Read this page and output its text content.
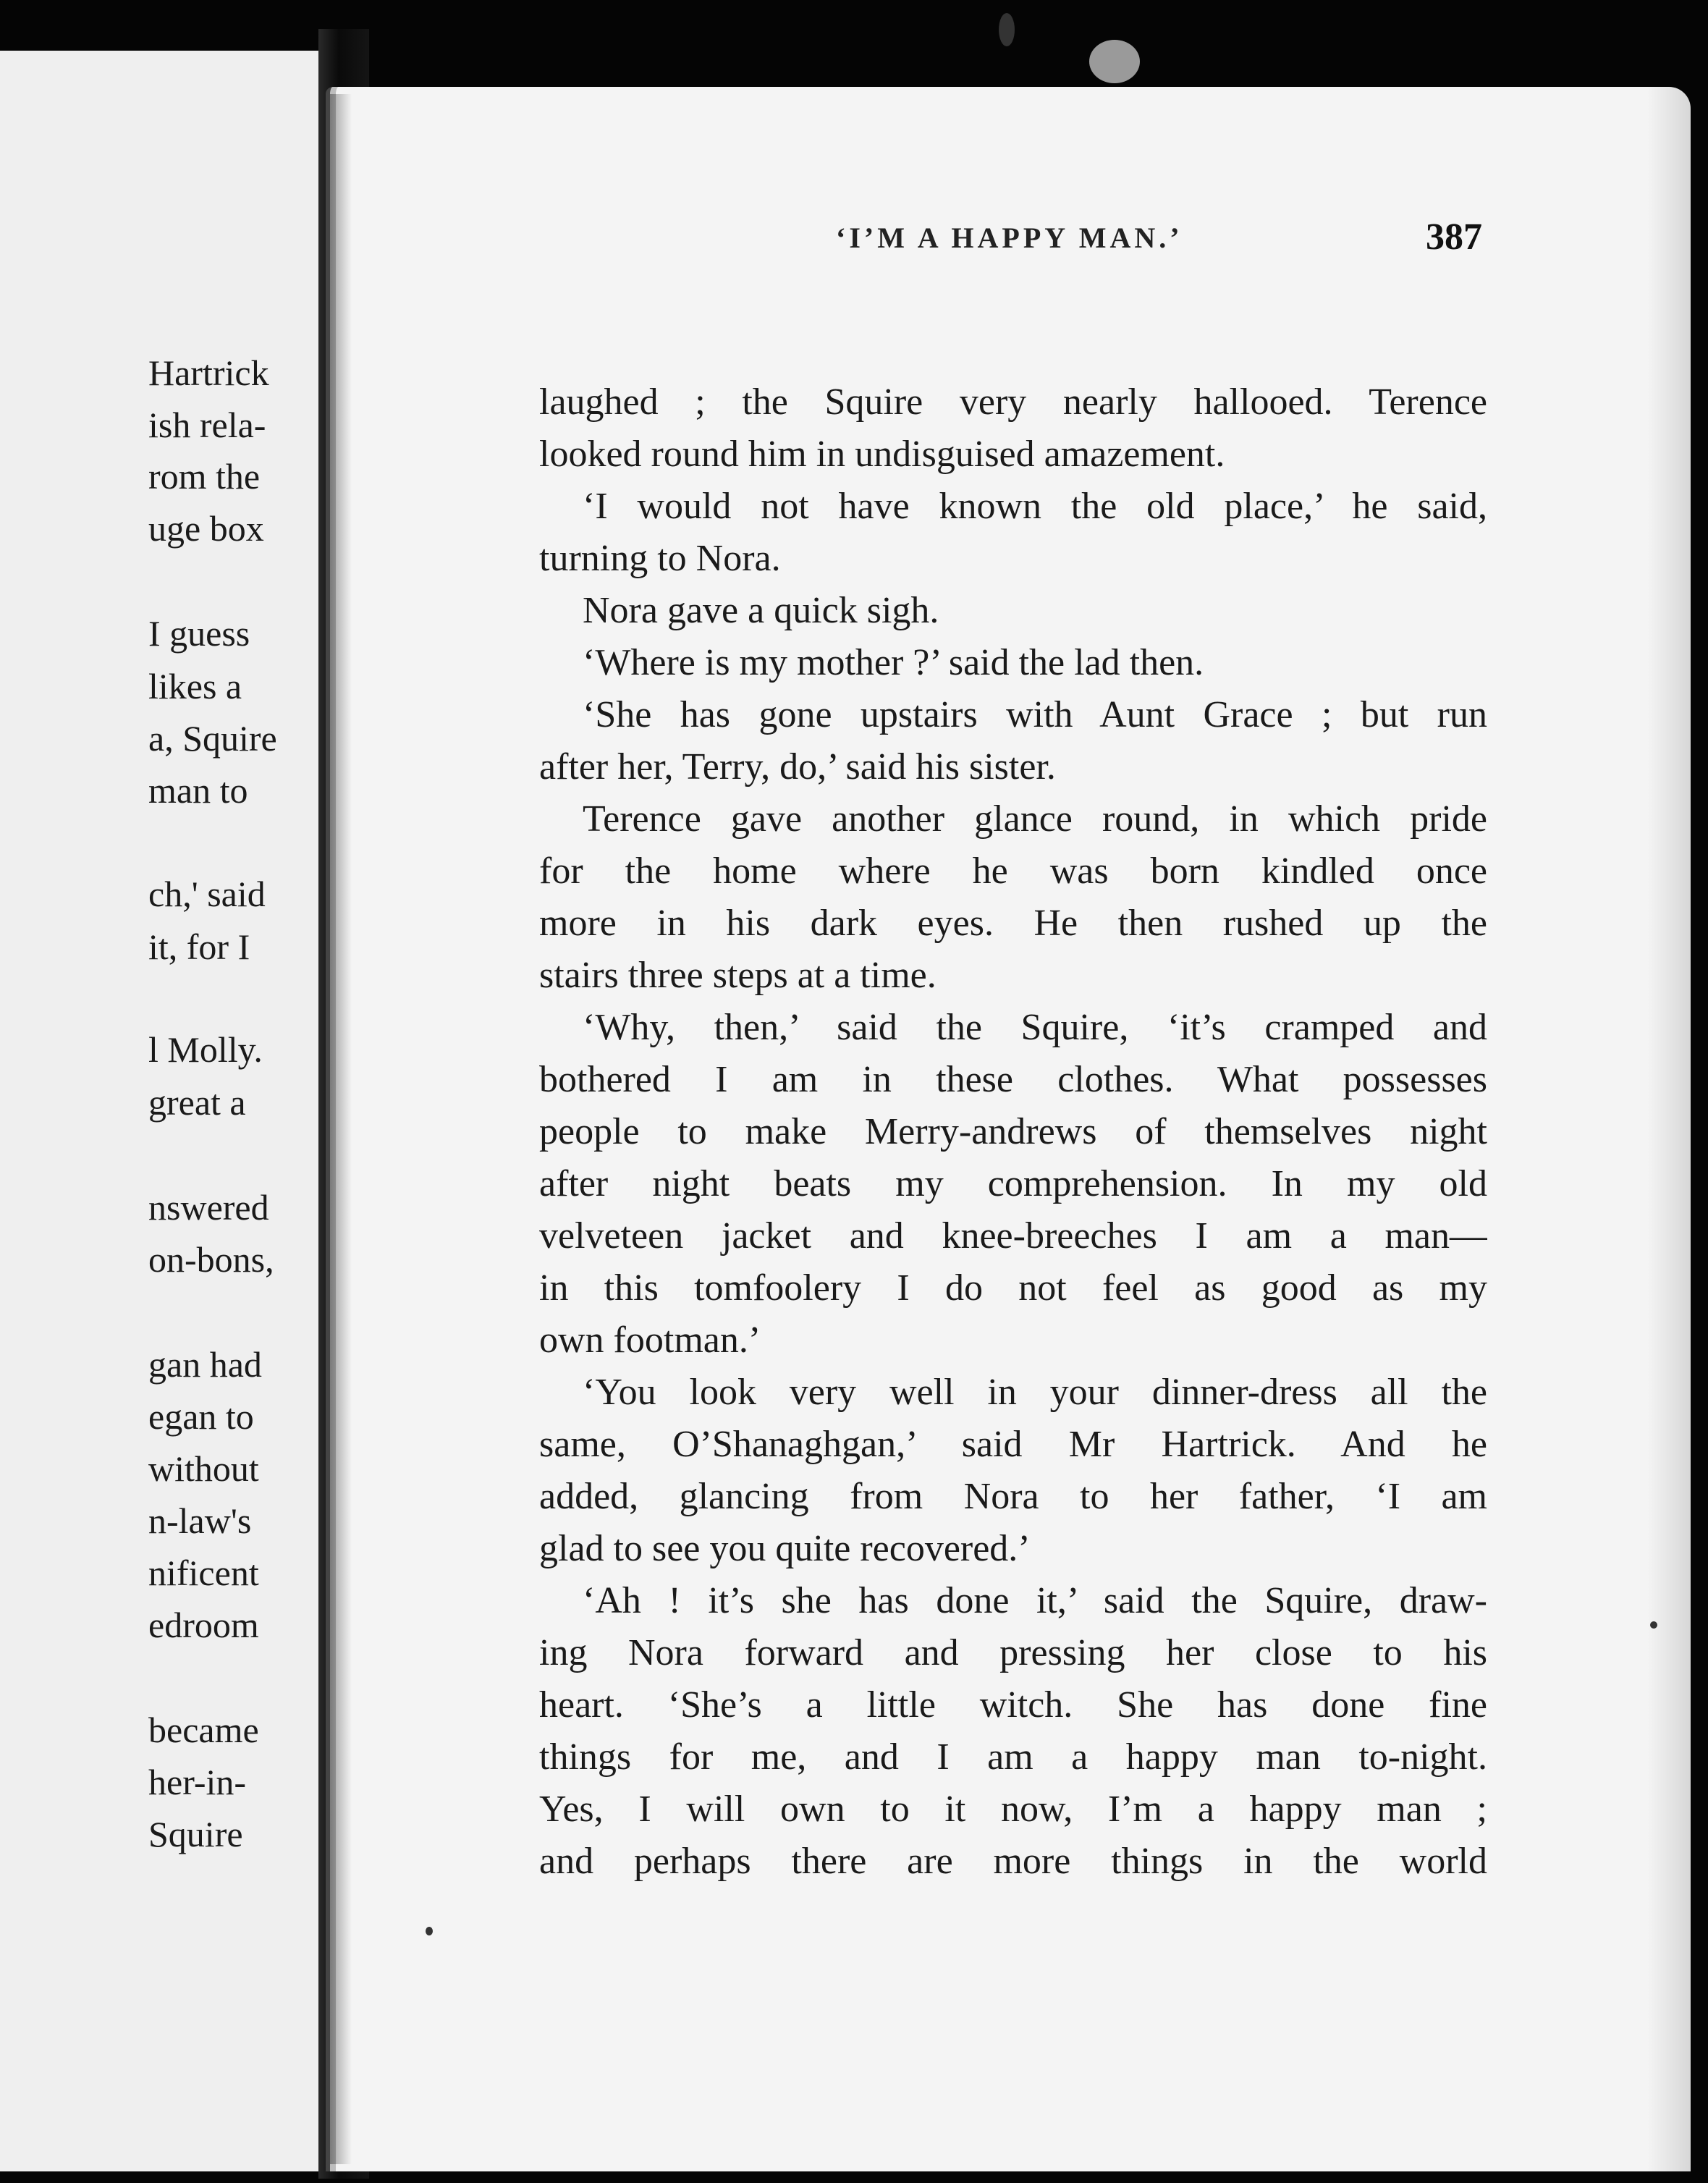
Hartrick
ish rela-
rom the
uge box
I guess
likes a
a, Squire
man to
ch,' said
it, for I
l Molly.
great a
nswered
on-bons,
gan had
egan to
without
n-law's
nificent
edroom
became
her-in-
Squire
‘I’M A HAPPY MAN.’	387
laughed ; the Squire very nearly hallooed. Terence
looked round him in undisguised amazement.
‘I would not have known the old place,’ he said,
turning to Nora.
Nora gave a quick sigh.
‘Where is my mother ?’ said the lad then.
‘She has gone upstairs with Aunt Grace ; but run
after her, Terry, do,’ said his sister.
Terence gave another glance round, in which pride
for the home where he was born kindled once
more in his dark eyes. He then rushed up the
stairs three steps at a time.
‘Why, then,’ said the Squire, ‘it’s cramped and
bothered I am in these clothes. What possesses
people to make Merry-andrews of themselves night
after night beats my comprehension. In my old
velveteen jacket and knee-breeches I am a man—
in this tomfoolery I do not feel as good as my
own footman.’
‘You look very well in your dinner-dress all the
same, O’Shanaghgan,’ said Mr Hartrick. And he
added, glancing from Nora to her father, ‘I am
glad to see you quite recovered.’
‘Ah ! it’s she has done it,’ said the Squire, draw-
ing Nora forward and pressing her close to his
heart. ‘She’s a little witch. She has done fine
things for me, and I am a happy man to-night.
Yes, I will own to it now, I’m a happy man ;
and perhaps there are more things in the world
